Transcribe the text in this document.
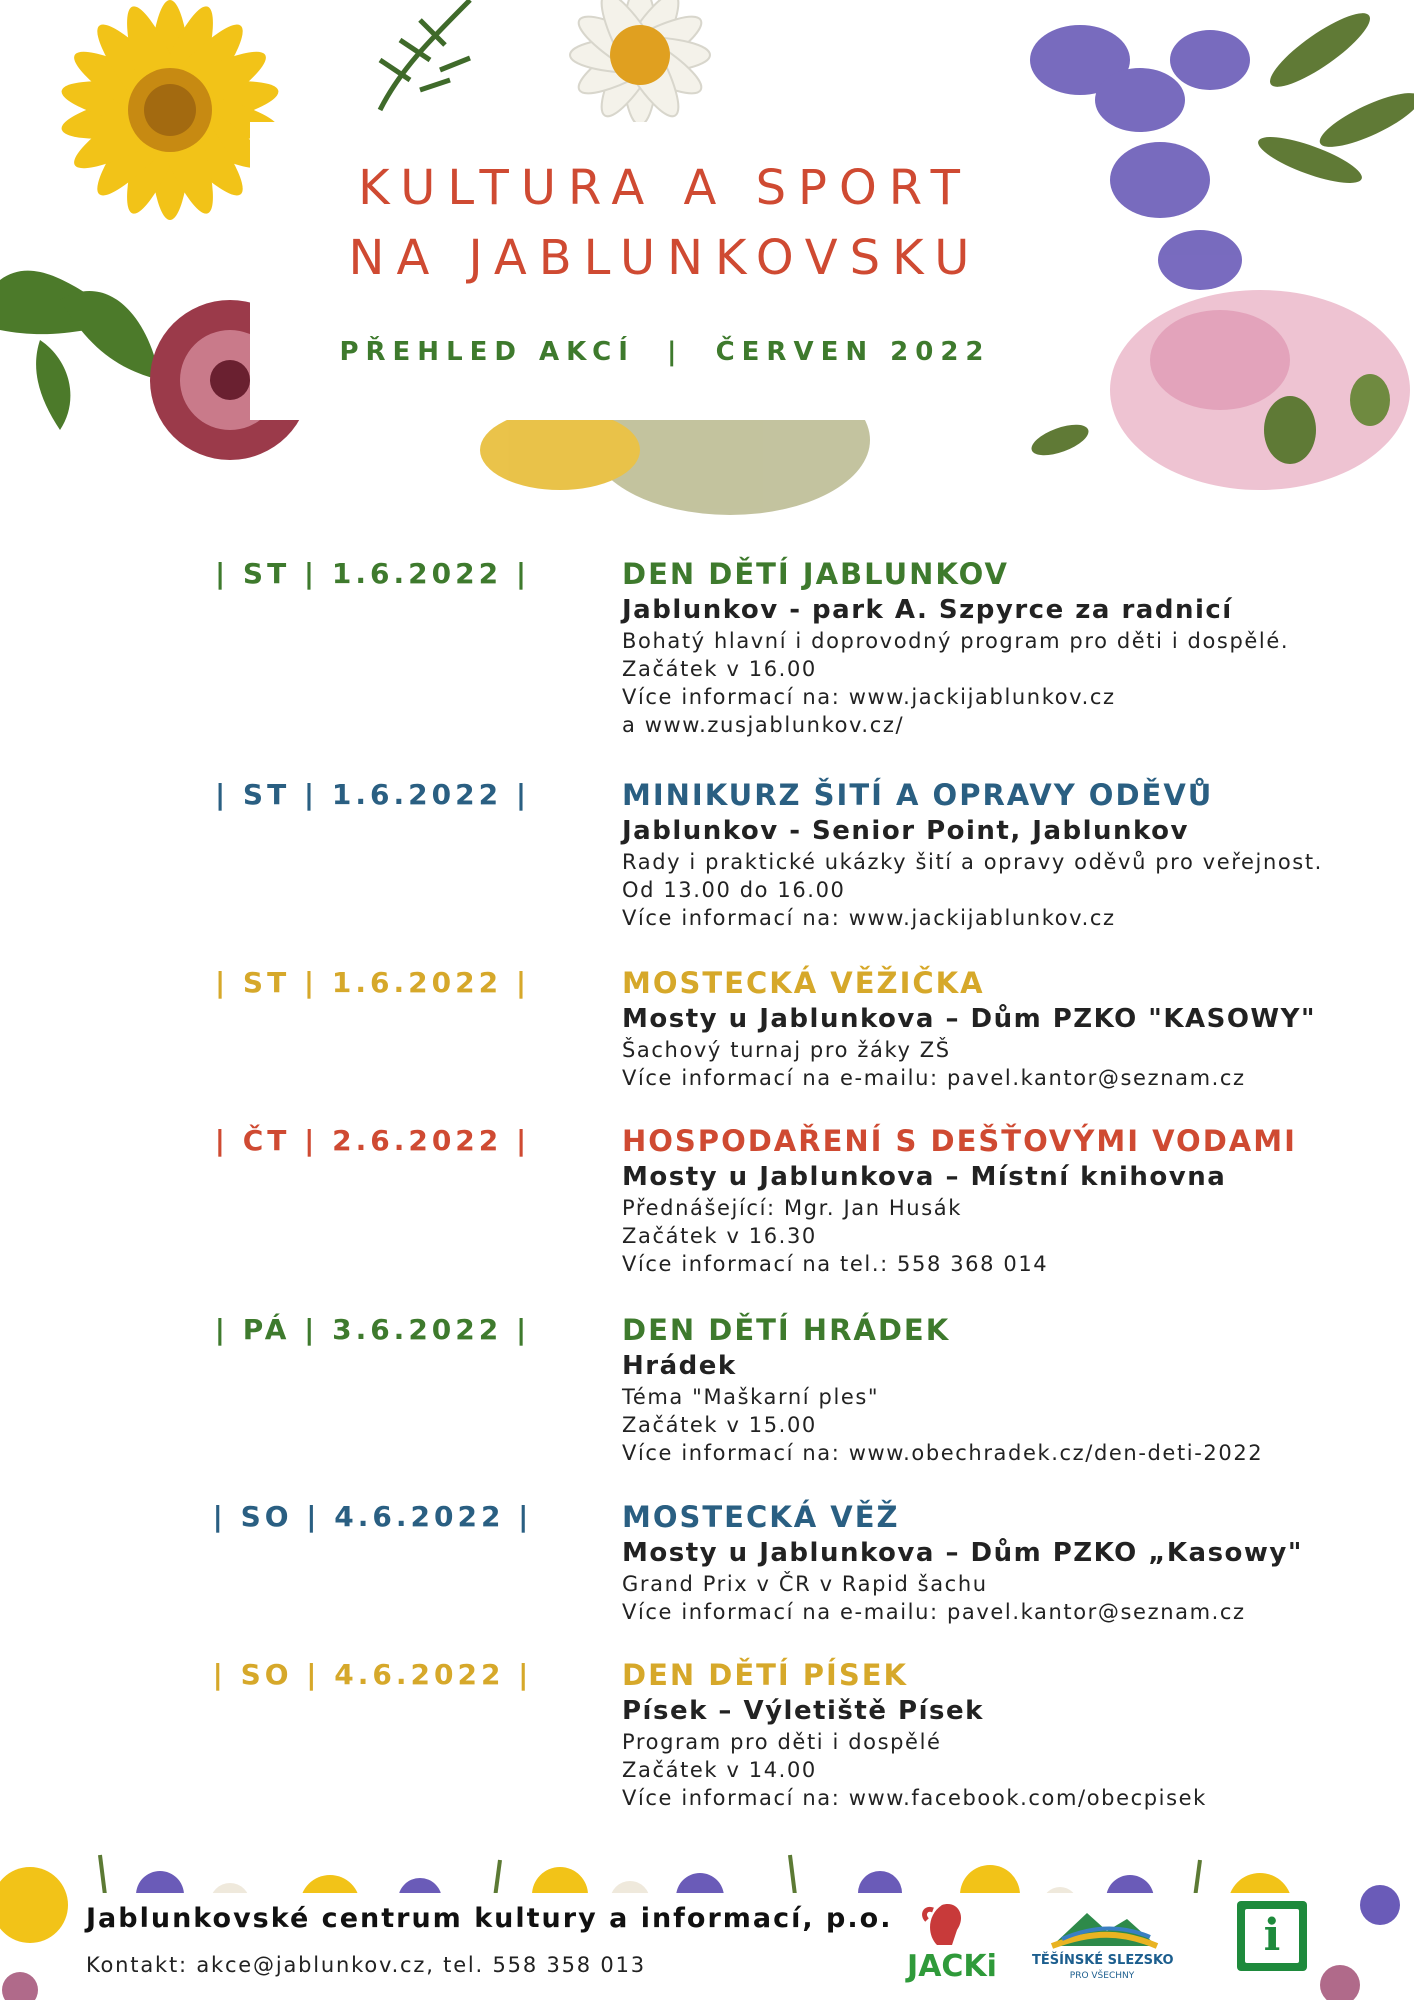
KULTURA A SPORT
NA JABLUNKOVSKU
PŘEHLED AKCÍ  |  ČERVEN 2022
| ST | 1.6.2022 |	DEN DĚTÍ JABLUNKOV
Jablunkov - park A. Szpyrce za radnicí
Bohatý hlavní i doprovodný program pro děti i dospělé.
Začátek v 16.00
Více informací na: www.jackijablunkov.cz
a www.zusjablunkov.cz/
| ST | 1.6.2022 |	MINIKURZ ŠITÍ A OPRAVY ODĚVŮ
Jablunkov - Senior Point, Jablunkov
Rady i praktické ukázky šití a opravy oděvů pro veřejnost.
Od 13.00 do 16.00
Více informací na: www.jackijablunkov.cz
| ST | 1.6.2022 |	MOSTECKÁ VĚŽIČKA
Mosty u Jablunkova – Dům PZKO "KASOWY"
Šachový turnaj pro žáky ZŠ
Více informací na e-mailu: pavel.kantor@seznam.cz
| ČT | 2.6.2022 |	HOSPODAŘENÍ S DEŠŤOVÝMI VODAMI
Mosty u Jablunkova – Místní knihovna
Přednášející: Mgr. Jan Husák
Začátek v 16.30
Více informací na tel.: 558 368 014
| PÁ | 3.6.2022 |	DEN DĚTÍ HRÁDEK
Hrádek
Téma "Maškarní ples"
Začátek v 15.00
Více informací na: www.obechradek.cz/den-deti-2022
| SO | 4.6.2022 |	MOSTECKÁ VĚŽ
Mosty u Jablunkova – Dům PZKO „Kasowy"
Grand Prix v ČR v Rapid šachu
Více informací na e-mailu: pavel.kantor@seznam.cz
| SO | 4.6.2022 |	DEN DĚTÍ PÍSEK
Písek – Výletiště Písek
Program pro děti i dospělé
Začátek v 14.00
Více informací na: www.facebook.com/obecpisek
Jablunkovské centrum kultury a informací, p.o.
Kontakt: akce@jablunkov.cz, tel. 558 358 013	JACKi	TĚŠÍNSKÉ SLEZSKO
PRO VŠECHNY
i
